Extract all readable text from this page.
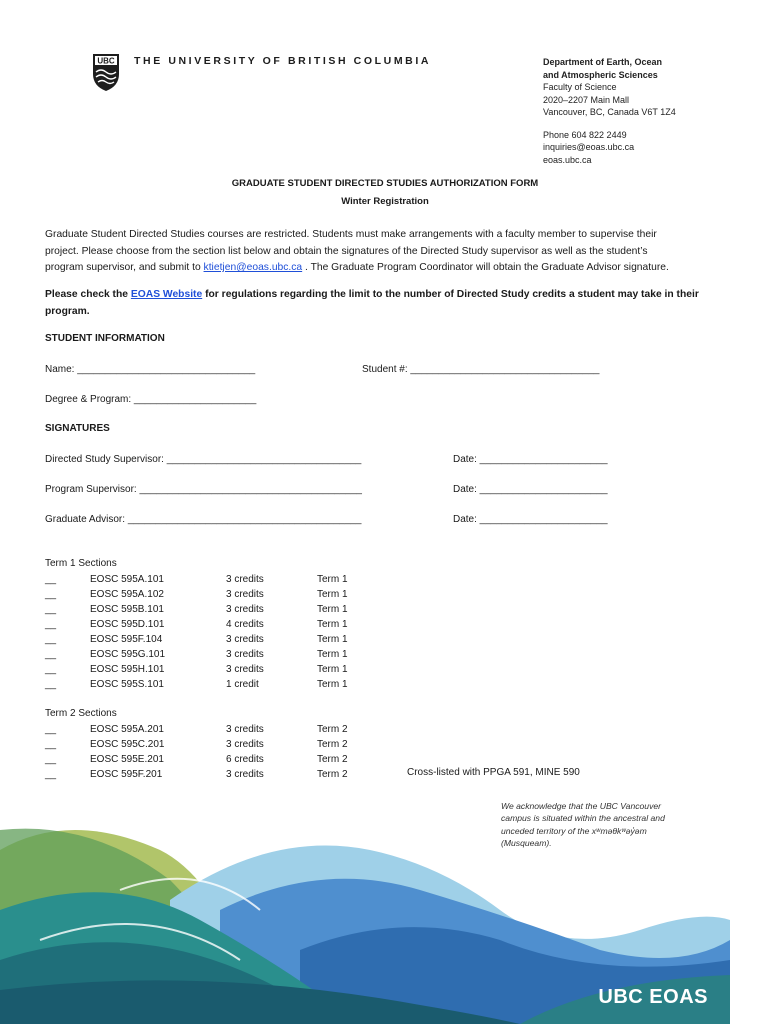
UBC THE UNIVERSITY OF BRITISH COLUMBIA	Department of Earth, Ocean
and Atmospheric Sciences
Faculty of Science
2020–2207 Main Mall
Vancouver, BC, Canada V6T 1Z4
Phone 604 822 2449
inquiries@eoas.ubc.ca
eoas.ubc.ca
GRADUATE STUDENT DIRECTED STUDIES AUTHORIZATION FORM
Winter Registration
Graduate Student Directed Studies courses are restricted. Students must make arrangements with a faculty member to supervise their
project. Please choose from the section list below and obtain the signatures of the Directed Study supervisor as well as the student’s
program supervisor, and submit to ktietjen@eoas.ubc.ca . The Graduate Program Coordinator will obtain the Graduate Advisor signature.
Please check the EOAS Website for regulations regarding the limit to the number of Directed Study credits a student may take in their
program.
STUDENT INFORMATION
Name: ________________________________	Student #: __________________________________
Degree & Program: ______________________
SIGNATURES
Directed Study Supervisor: ___________________________________	Date: _______________________
Program Supervisor: ________________________________________	Date: _______________________
Graduate Advisor: __________________________________________	Date: _______________________
Term 1 Sections
__	EOSC 595A.101	3 credits	Term 1
__	EOSC 595A.102	3 credits	Term 1
__	EOSC 595B.101	3 credits	Term 1
__	EOSC 595D.101	4 credits	Term 1
__	EOSC 595F.104	3 credits	Term 1
__	EOSC 595G.101	3 credits	Term 1
__	EOSC 595H.101	3 credits	Term 1
__	EOSC 595S.101	1 credit	Term 1
Term 2 Sections
__	EOSC 595A.201	3 credits	Term 2
__	EOSC 595C.201	3 credits	Term 2
__	EOSC 595E.201	6 credits	Term 2
__	EOSC 595F.201	3 credits	Term 2	Cross-listed with PPGA 591, MINE 590
We acknowledge that the UBC Vancouver
campus is situated within the ancestral and
unceded territory of the xʷməθkʷəy̓əm
(Musqueam).
UBC EOAS
